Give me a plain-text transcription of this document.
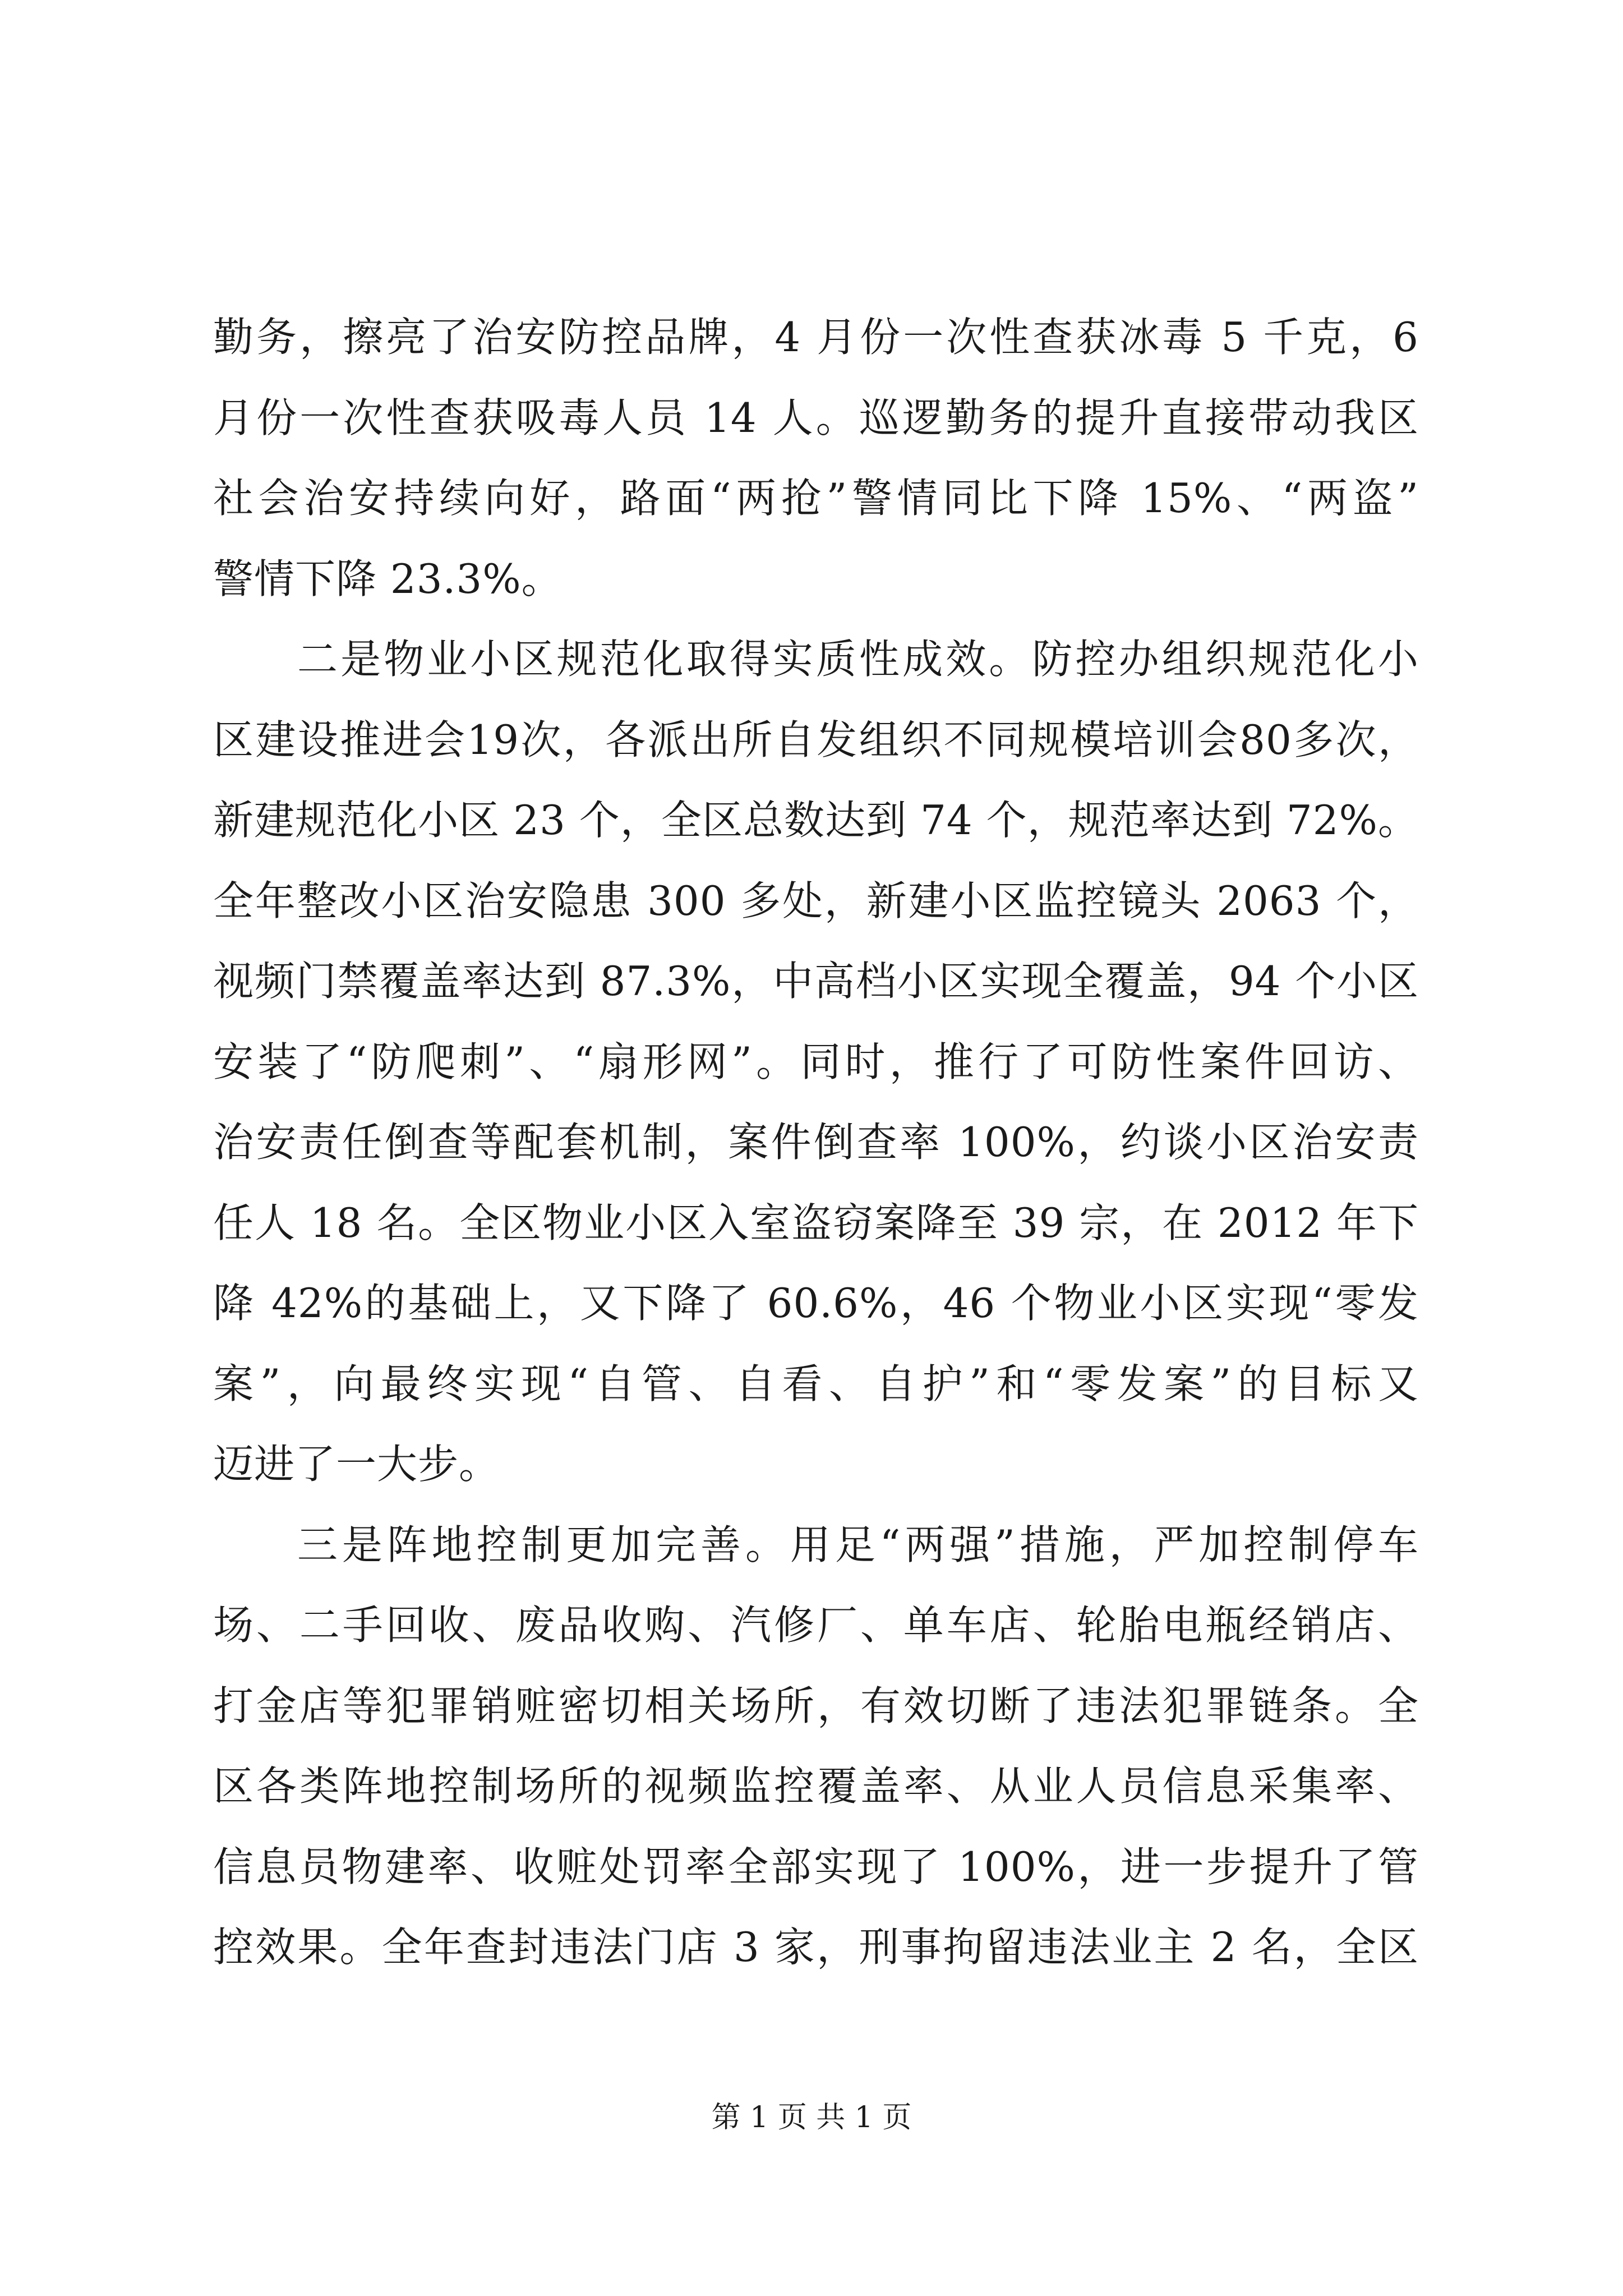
勤务，擦亮了治安防控品牌，4 月份一次性查获冰毒 5 千克，6
月份一次性查获吸毒人员 14 人。巡逻勤务的提升直接带动我区
社会治安持续向好，路面“两抢”警情同比下降 15%、“两盗”
警情下降 23.3%。
二是物业小区规范化取得实质性成效。防控办组织规范化小
区建设推进会19次，各派出所自发组织不同规模培训会80多次，
新建规范化小区 23 个，全区总数达到 74 个，规范率达到 72%。
全年整改小区治安隐患 300 多处，新建小区监控镜头 2063 个，
视频门禁覆盖率达到 87.3%，中高档小区实现全覆盖，94 个小区
安装了“防爬刺”、“扇形网”。同时，推行了可防性案件回访、
治安责任倒查等配套机制，案件倒查率 100%，约谈小区治安责
任人 18 名。全区物业小区入室盗窃案降至 39 宗，在 2012 年下
降 42%的基础上，又下降了 60.6%，46 个物业小区实现“零发
案”，向最终实现“自管、自看、自护”和“零发案”的目标又
迈进了一大步。
三是阵地控制更加完善。用足“两强”措施，严加控制停车
场、二手回收、废品收购、汽修厂、单车店、轮胎电瓶经销店、
打金店等犯罪销赃密切相关场所，有效切断了违法犯罪链条。全
区各类阵地控制场所的视频监控覆盖率、从业人员信息采集率、
信息员物建率、收赃处罚率全部实现了 100%，进一步提升了管
控效果。全年查封违法门店 3 家，刑事拘留违法业主 2 名，全区
第 1 页 共 1 页
